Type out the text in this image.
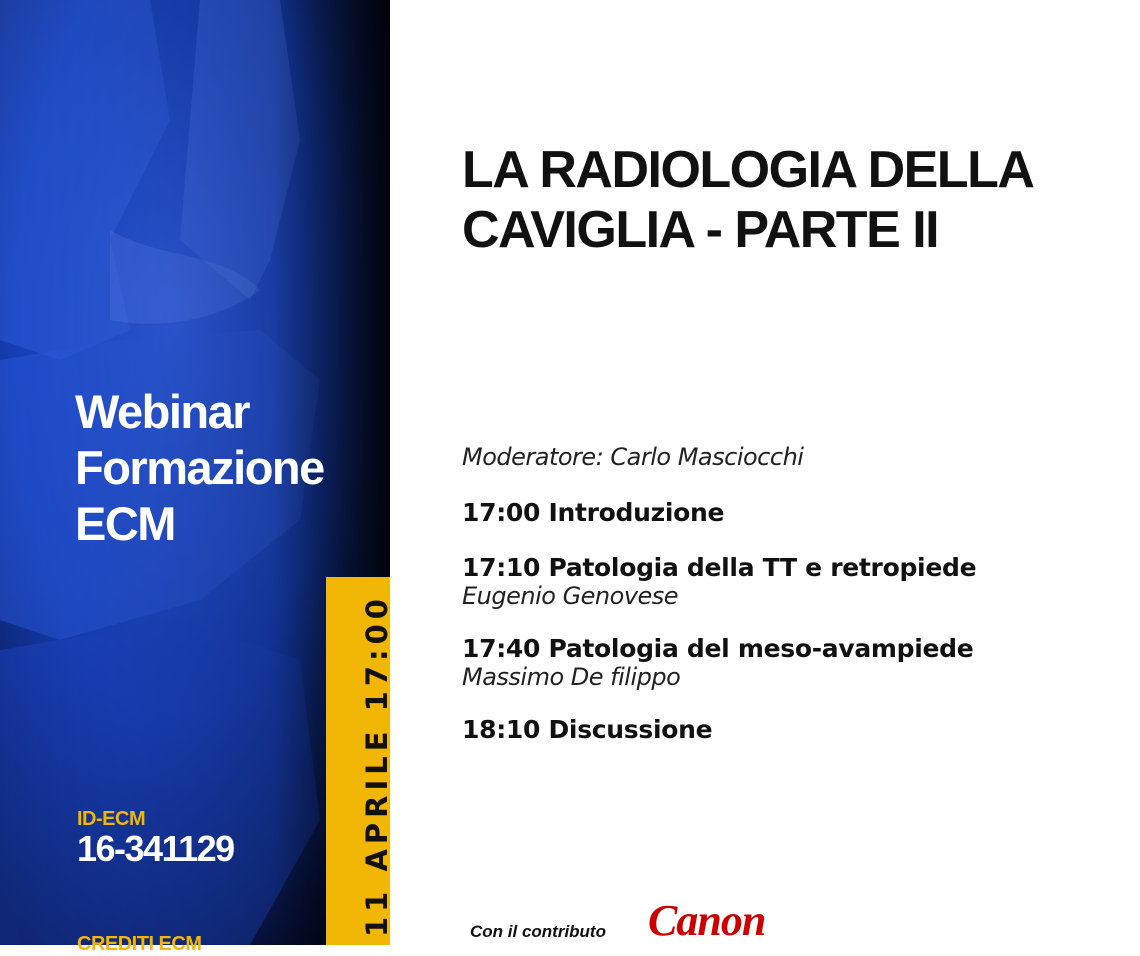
Webinar
Formazione
ECM
ID-ECM
16-341129
CREDITI ECM
11 APRILE 17:00
LA RADIOLOGIA DELLA
CAVIGLIA - PARTE II
Moderatore: Carlo Masciocchi
17:00 Introduzione
17:10 Patologia della TT e retropiede
Eugenio Genovese
17:40 Patologia del meso-avampiede
Massimo De filippo
18:10 Discussione
Con il contributo Canon
